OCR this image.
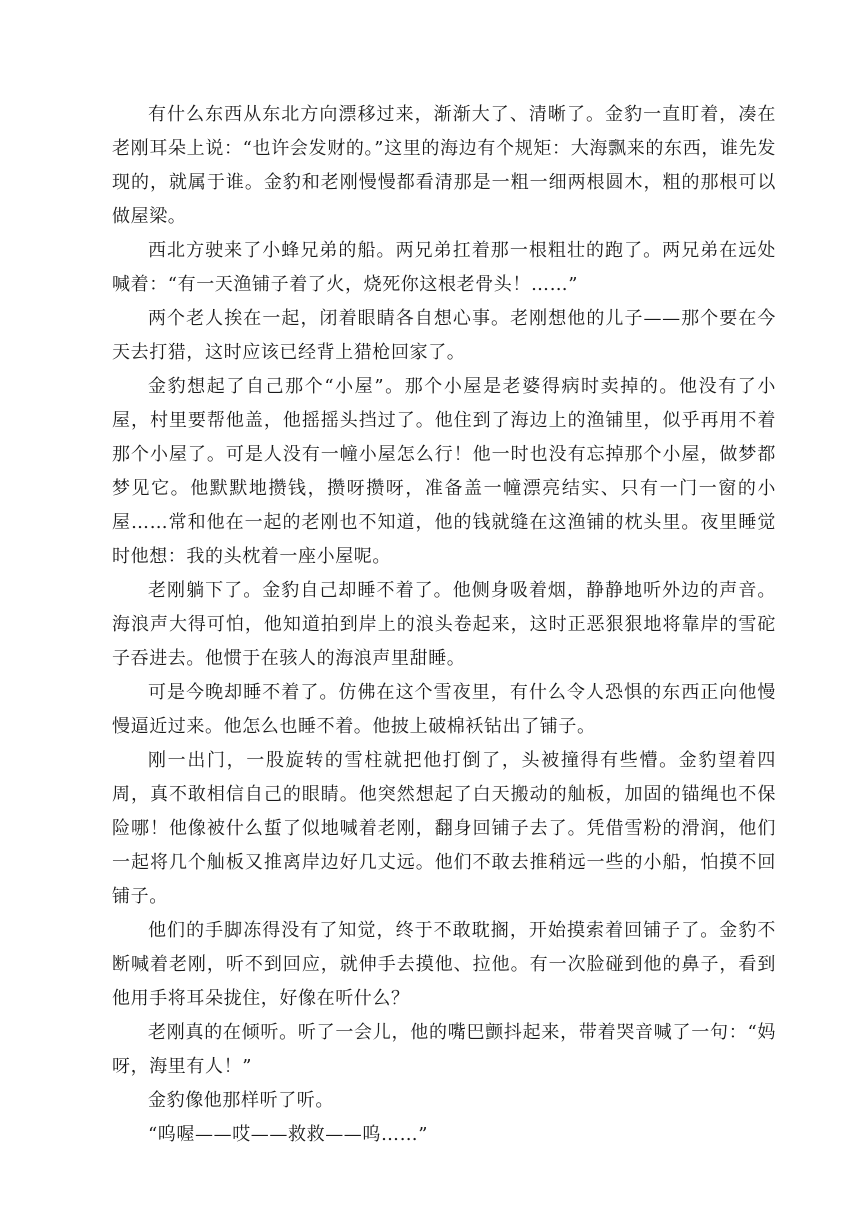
有什么东西从东北方向漂移过来，渐渐大了、清晰了。金豹一直盯着，凑在老刚耳朵上说：“也许会发财的。”这里的海边有个规矩：大海飘来的东西，谁先发现的，就属于谁。金豹和老刚慢慢都看清那是一粗一细两根圆木，粗的那根可以做屋梁。

西北方驶来了小蜂兄弟的船。两兄弟扛着那一根粗壮的跑了。两兄弟在远处喊着：“有一天渔铺子着了火，烧死你这根老骨头！……”

两个老人挨在一起，闭着眼睛各自想心事。老刚想他的儿子——那个要在今天去打猎，这时应该已经背上猎枪回家了。

金豹想起了自己那个“小屋”。那个小屋是老婆得病时卖掉的。他没有了小屋，村里要帮他盖，他摇摇头挡过了。他住到了海边上的渔铺里，似乎再用不着那个小屋了。可是人没有一幢小屋怎么行！他一时也没有忘掉那个小屋，做梦都梦见它。他默默地攒钱，攒呀攒呀，准备盖一幢漂亮结实、只有一门一窗的小屋……常和他在一起的老刚也不知道，他的钱就缝在这渔铺的枕头里。夜里睡觉时他想：我的头枕着一座小屋呢。

老刚躺下了。金豹自己却睡不着了。他侧身吸着烟，静静地听外边的声音。海浪声大得可怕，他知道拍到岸上的浪头卷起来，这时正恶狠狠地将靠岸的雪砣子吞进去。他惯于在骇人的海浪声里甜睡。

可是今晚却睡不着了。仿佛在这个雪夜里，有什么令人恐惧的东西正向他慢慢逼近过来。他怎么也睡不着。他披上破棉袄钻出了铺子。

刚一出门，一股旋转的雪柱就把他打倒了，头被撞得有些懵。金豹望着四周，真不敢相信自己的眼睛。他突然想起了白天搬动的舢板，加固的锚绳也不保险哪！他像被什么蜇了似地喊着老刚，翻身回铺子去了。凭借雪粉的滑润，他们一起将几个舢板又推离岸边好几丈远。他们不敢去推稍远一些的小船，怕摸不回铺子。

他们的手脚冻得没有了知觉，终于不敢耽搁，开始摸索着回铺子了。金豹不断喊着老刚，听不到回应，就伸手去摸他、拉他。有一次脸碰到他的鼻子，看到他用手将耳朵拢住，好像在听什么？

老刚真的在倾听。听了一会儿，他的嘴巴颤抖起来，带着哭音喊了一句：“妈呀，海里有人！”

金豹像他那样听了听。

“呜喔——哎——救救——呜……”
